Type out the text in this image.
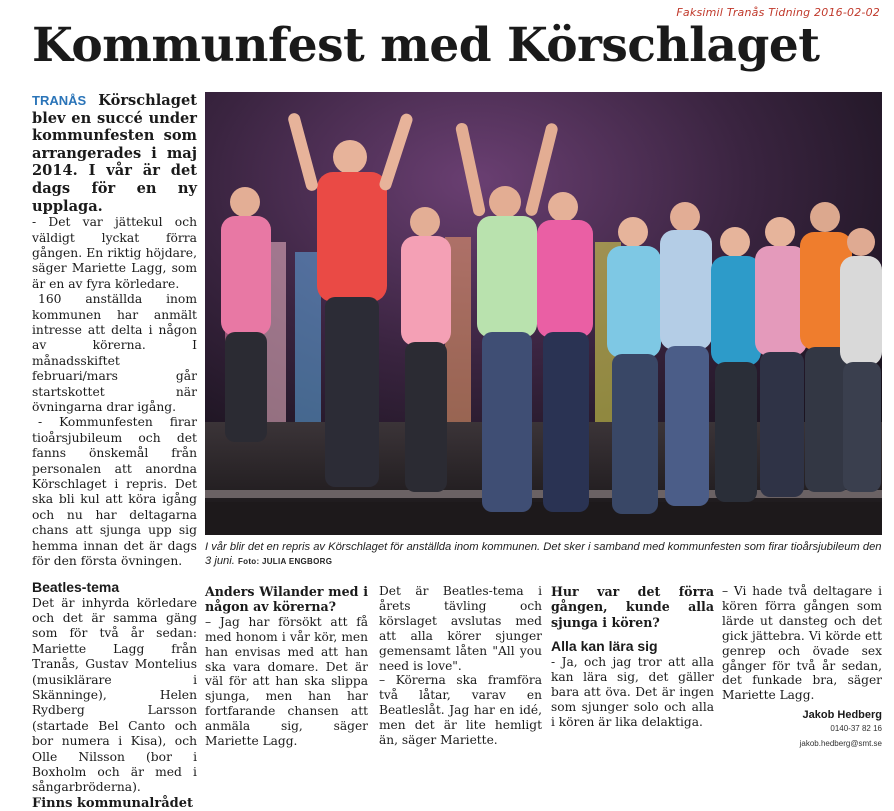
Faksimil Tranås Tidning 2016-02-02
Kommunfest med Körschlaget

TRANÅS Körschlaget blev en succé under kommunfesten som arrangerades i maj 2014. I vår är det dags för en ny upplaga.

- Det var jättekul och väldigt lyckat förra gången. En riktig höjdare, säger Mariette Lagg, som är en av fyra körledare.

160 anställda inom kommunen har anmält intresse att delta i någon av körerna. I månadsskiftet februari/mars går startskottet när övningarna drar igång.

- Kommunfesten firar tioårsjubileum och det fanns önskemål från personalen att anordna Körschlaget i repris. Det ska bli kul att köra igång och nu har deltagarna chans att sjunga upp sig hemma innan det är dags för den första övningen.

Beatles-tema

Det är inhyrda körledare och det är samma gäng som för två år sedan: Mariette Lagg från Tranås, Gustav Montelius (musiklärare i Skänninge), Helen Rydberg Larsson (startade Bel Canto och bor numera i Kisa), och Olle Nilsson (bor i Boxholm och är med i sångarbröderna).

Finns kommunalrådet

I vår blir det en repris av Körschlaget för anställda inom kommunen. Det sker i samband med kommunfesten som firar tioårsjubileum den 3 juni. Foto: JULIA ENGBORG

Anders Wilander med i någon av körerna?

– Jag har försökt att få med honom i vår kör, men han envisas med att han ska vara domare. Det är väl för att han ska slippa sjunga, men han har fortfarande chansen att anmäla sig, säger Mariette Lagg.

Det är Beatles-tema i årets tävling och körslaget avslutas med att alla körer sjunger gemensamt låten "All you need is love".

– Körerna ska framföra två låtar, varav en Beatleslåt. Jag har en idé, men det är lite hemligt än, säger Mariette.

Hur var det förra gången, kunde alla sjunga i kören?

Alla kan lära sig

- Ja, och jag tror att alla kan lära sig, det gäller bara att öva. Det är ingen som sjunger solo och alla i kören är lika delaktiga.

– Vi hade två deltagare i kören förra gången som lärde ut dansteg och det gick jättebra. Vi körde ett genrep och övade sex gånger för två år sedan, det funkade bra, säger Mariette Lagg.

Jakob Hedberg
0140-37 82 16
jakob.hedberg@smt.se
